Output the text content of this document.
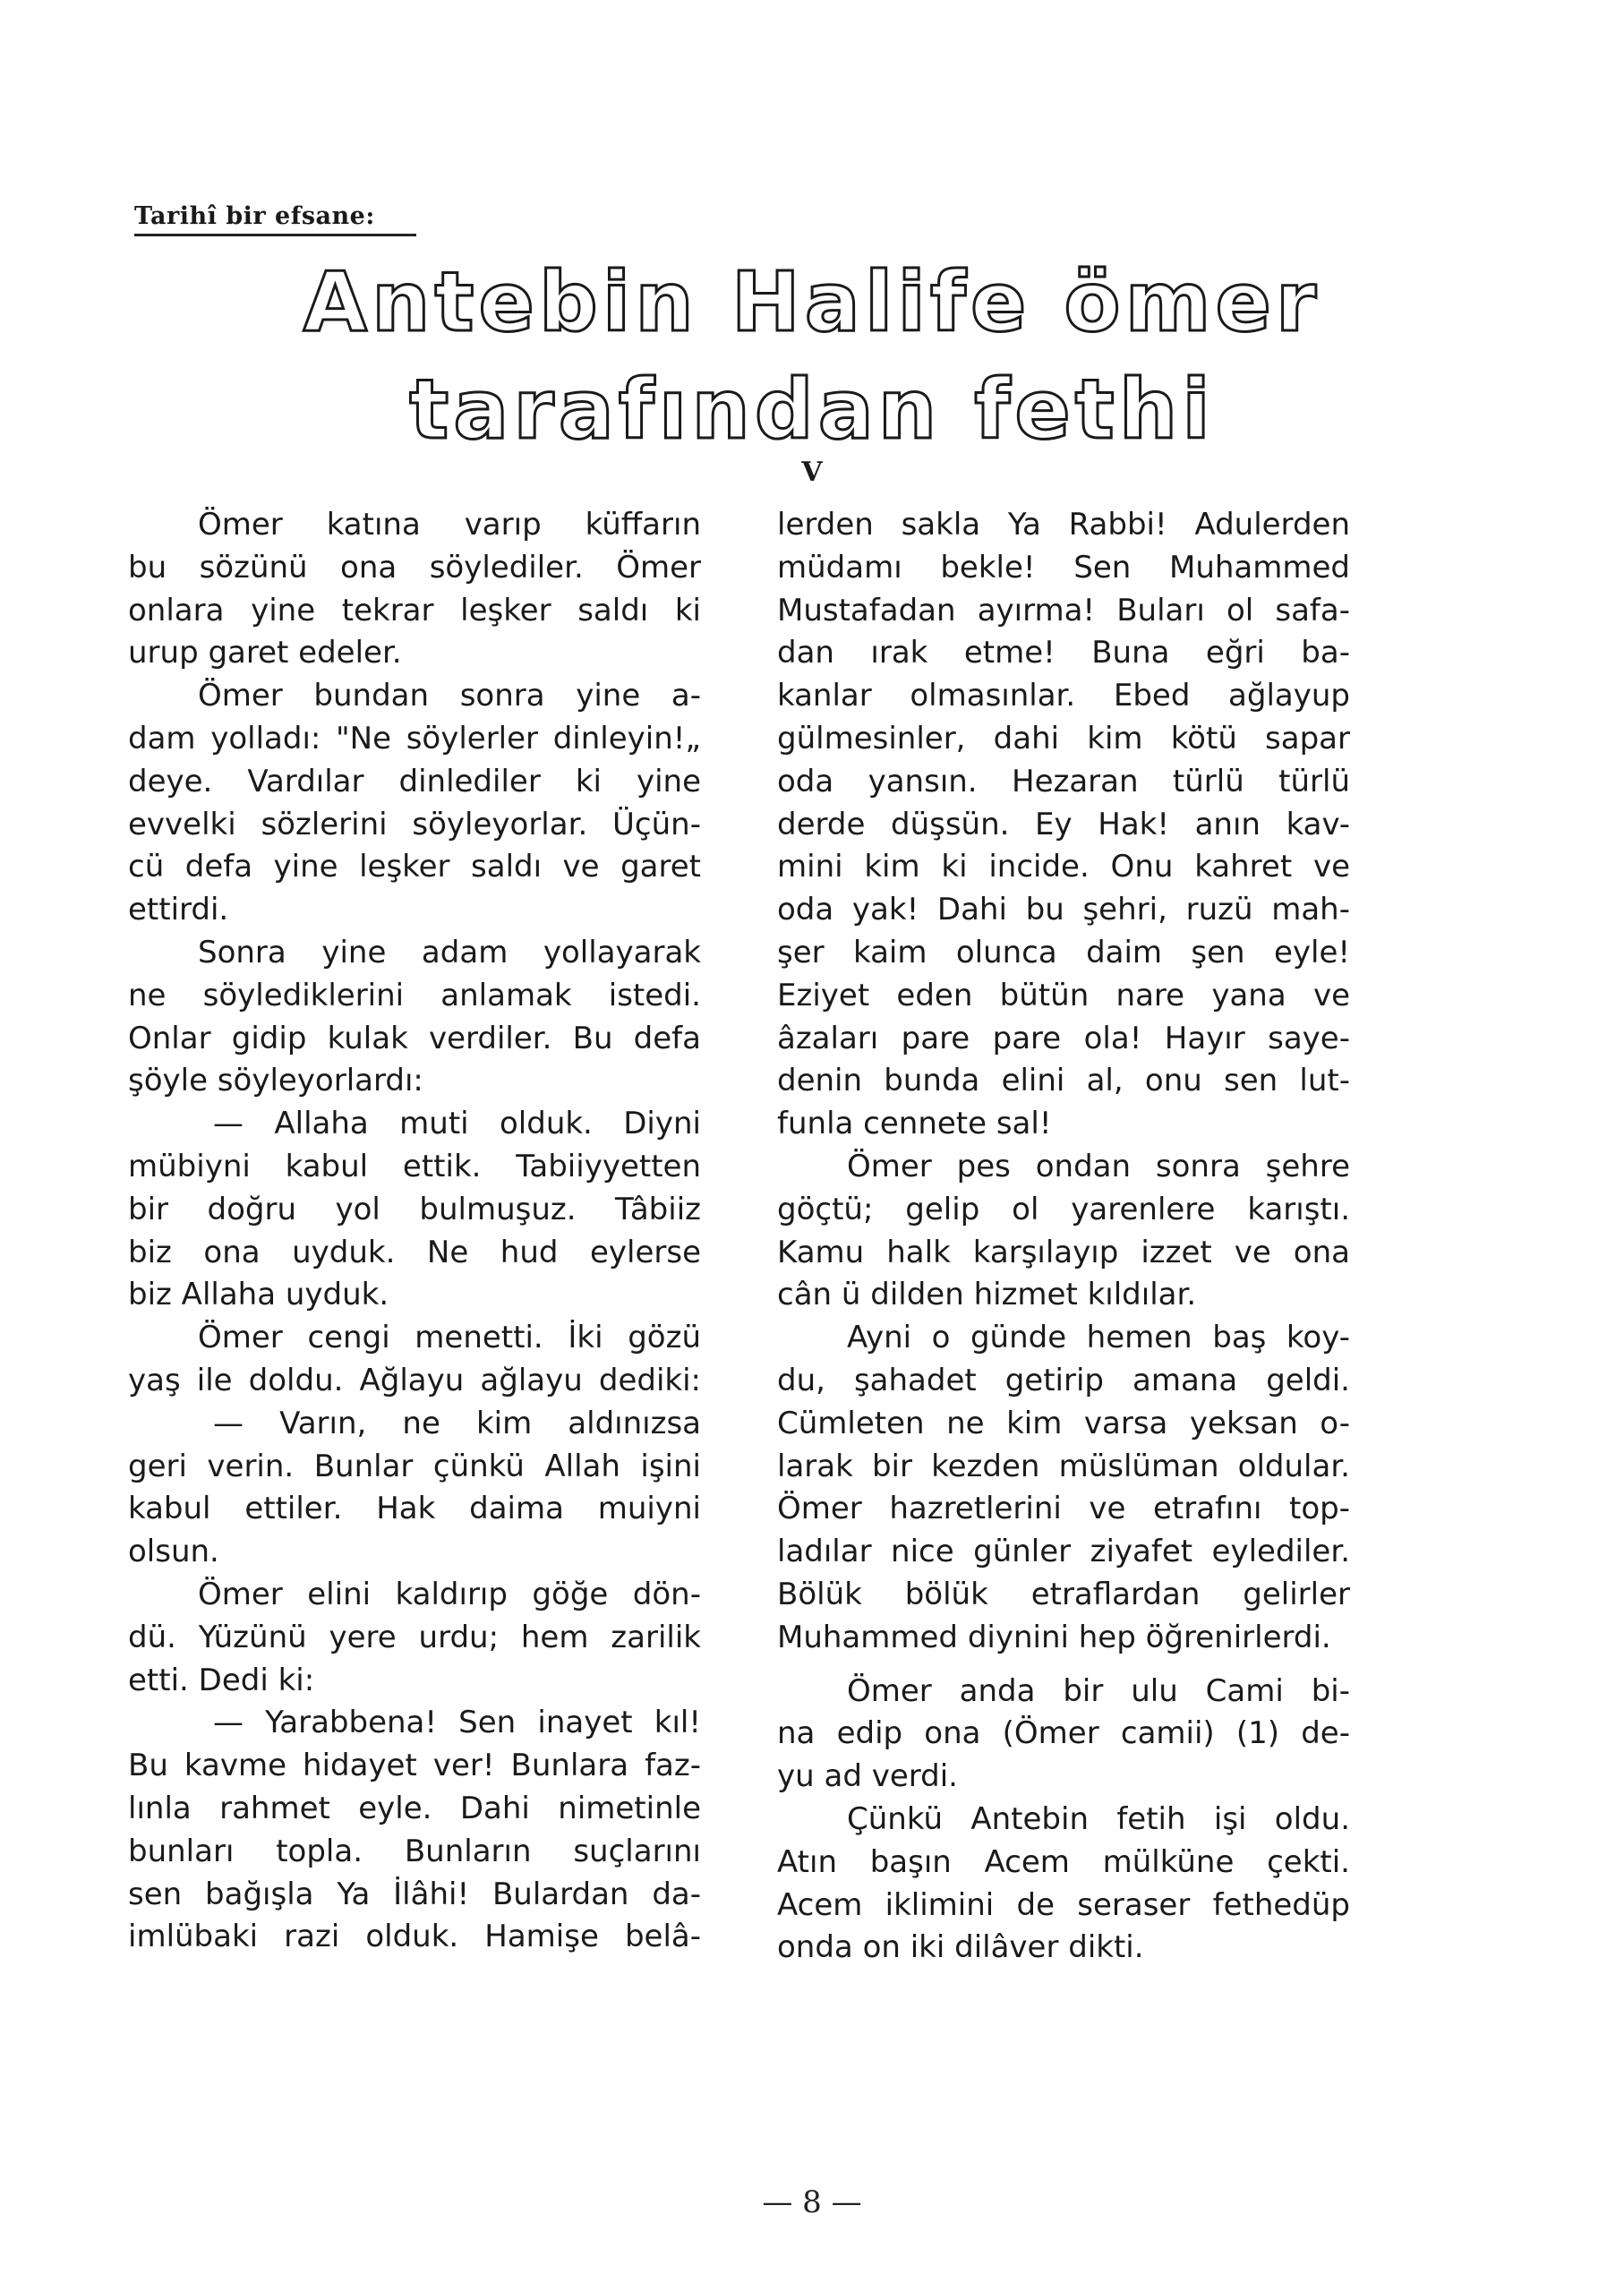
Tarihî bir efsane:
Antebin Halife ömer
tarafından fethi
V
Ömer katına varıp küffarın
bu sözünü ona söylediler. Ömer
onlara yine tekrar leşker saldı ki
urup garet edeler.
Ömer bundan sonra yine a-
dam yolladı: "Ne söylerler dinleyin!„
deye. Vardılar dinlediler ki yine
evvelki sözlerini söyleyorlar. Üçün-
cü defa yine leşker saldı ve garet
ettirdi.
Sonra yine adam yollayarak
ne söylediklerini anlamak istedi.
Onlar gidip kulak verdiler. Bu defa
şöyle söyleyorlardı:
— Allaha muti olduk. Diyni
mübiyni kabul ettik. Tabiiyyetten
bir doğru yol bulmuşuz. Tâbiiz
biz ona uyduk. Ne hud eylerse
biz Allaha uyduk.
Ömer cengi menetti. İki gözü
yaş ile doldu. Ağlayu ağlayu dediki:
— Varın, ne kim aldınızsa
geri verin. Bunlar çünkü Allah işini
kabul ettiler. Hak daima muiyni
olsun.
Ömer elini kaldırıp göğe dön-
dü. Yüzünü yere urdu; hem zarilik
etti. Dedi ki:
— Yarabbena! Sen inayet kıl!
Bu kavme hidayet ver! Bunlara faz-
lınla rahmet eyle. Dahi nimetinle
bunları topla. Bunların suçlarını
sen bağışla Ya İlâhi! Bulardan da-
imlübaki razi olduk. Hamişe belâ-
lerden sakla Ya Rabbi! Adulerden
müdamı bekle! Sen Muhammed
Mustafadan ayırma! Buları ol safa-
dan ırak etme! Buna eğri ba-
kanlar olmasınlar. Ebed ağlayup
gülmesinler, dahi kim kötü sapar
oda yansın. Hezaran türlü türlü
derde düşsün. Ey Hak! anın kav-
mini kim ki incide. Onu kahret ve
oda yak! Dahi bu şehri, ruzü mah-
şer kaim olunca daim şen eyle!
Eziyet eden bütün nare yana ve
âzaları pare pare ola! Hayır saye-
denin bunda elini al, onu sen lut-
funla cennete sal!
Ömer pes ondan sonra şehre
göçtü; gelip ol yarenlere karıştı.
Kamu halk karşılayıp izzet ve ona
cân ü dilden hizmet kıldılar.
Ayni o günde hemen baş koy-
du, şahadet getirip amana geldi.
Cümleten ne kim varsa yeksan o-
larak bir kezden müslüman oldular.
Ömer hazretlerini ve etrafını top-
ladılar nice günler ziyafet eylediler.
Bölük bölük etraflardan gelirler
Muhammed diynini hep öğrenirlerdi.
Ömer anda bir ulu Cami bi-
na edip ona (Ömer camii) (1) de-
yu ad verdi.
Çünkü Antebin fetih işi oldu.
Atın başın Acem mülküne çekti.
Acem iklimini de seraser fethedüp
onda on iki dilâver dikti.
— 8 —
